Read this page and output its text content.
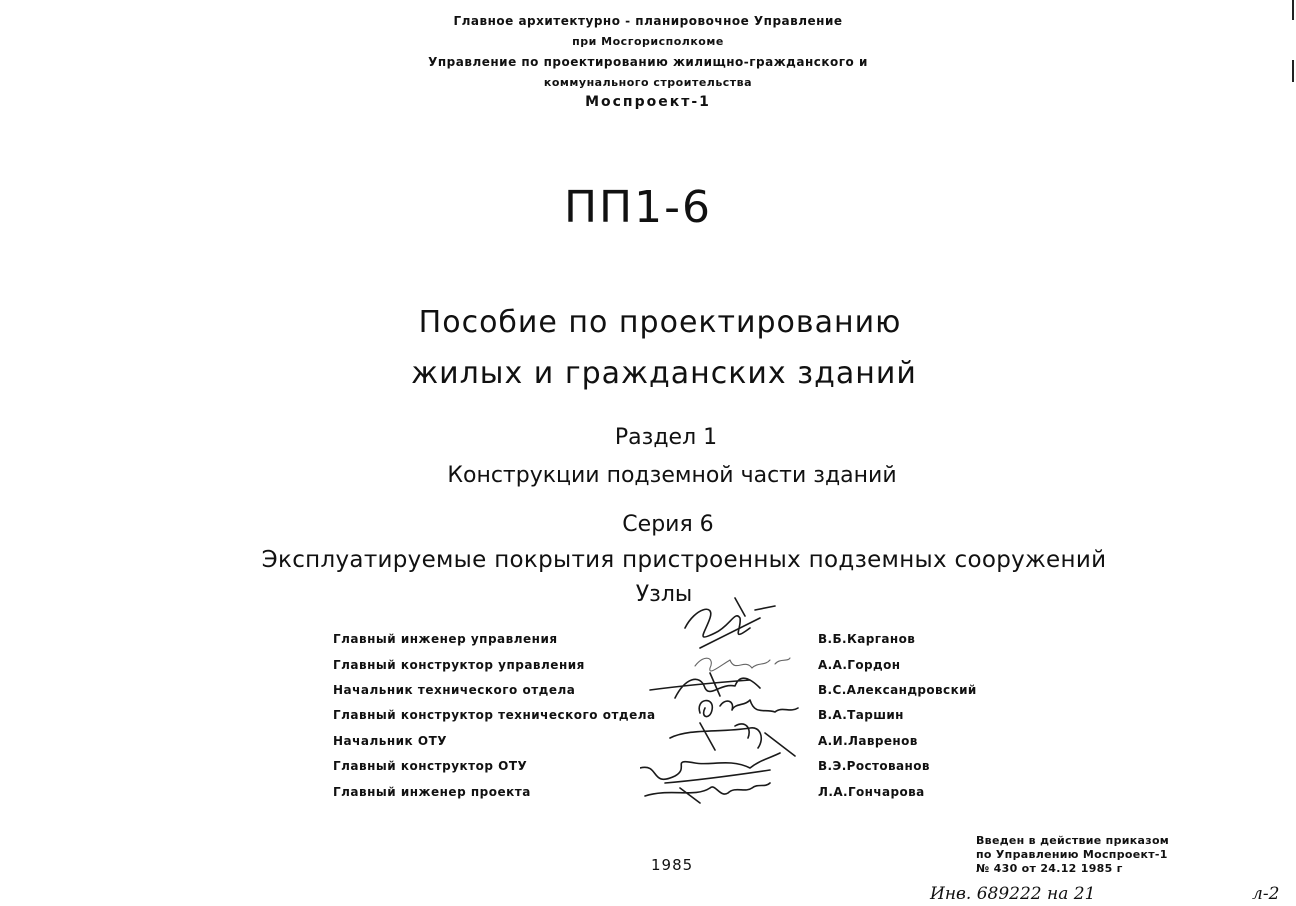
Главное архитектурно - планировочное Управление
при Мосгорисполкоме
Управление по проектированию жилищно-гражданского и
коммунального строительства
Моспроект-1
ПП1-6
Пособие по проектированию
жилых и гражданских зданий
Раздел 1
Конструкции подземной части зданий
Серия 6
Эксплуатируемые покрытия пристроенных подземных сооружений
Узлы
Главный инженер управления	В.Б.Карганов
Главный конструктор управления	А.А.Гордон
Начальник технического отдела	В.С.Александровский
Главный конструктор технического отдела	В.А.Таршин
Начальник ОТУ	А.И.Лавренов
Главный конструктор ОТУ	В.Э.Ростованов
Главный инженер проекта	Л.А.Гончарова
1985
Введен в действие приказом
по Управлению Моспроект-1
№ 430 от 24.12 1985 г
Инв. 689222 на 21	л-2
